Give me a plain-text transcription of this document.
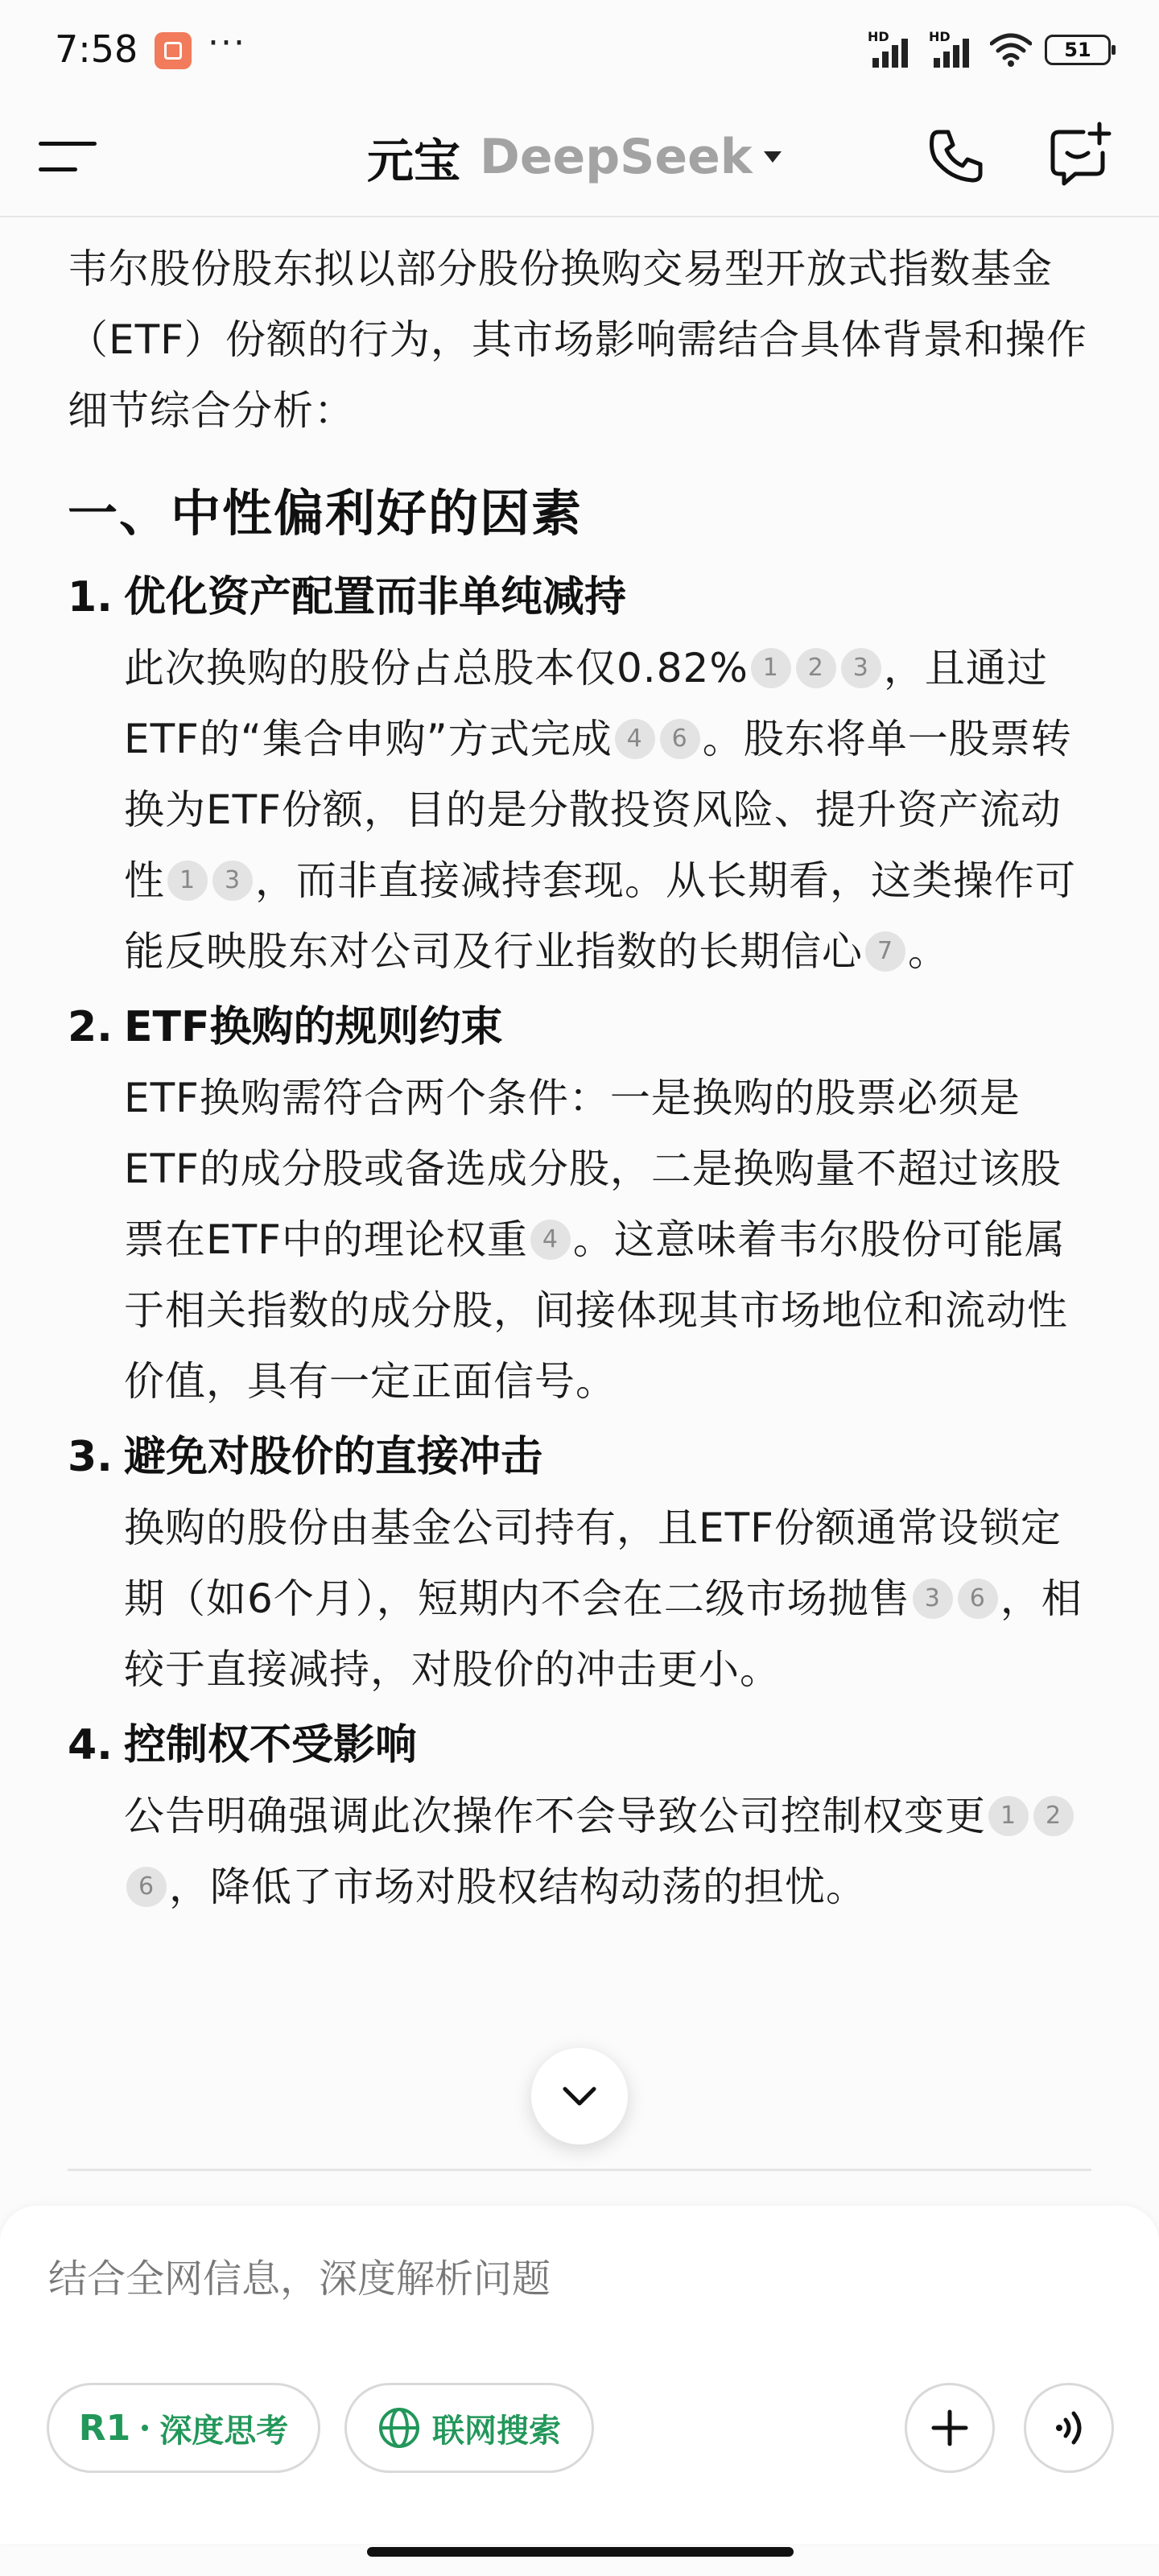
7:58 ···	HD	HD
51
元宝 DeepSeek

韦尔股份股东拟以部分股份换购交易型开放式指数基金（ETF）份额的行为，其市场影响需结合具体背景和操作细节综合分析：

一、中性偏利好的因素
1. 优化资产配置而非单纯减持
此次换购的股份占总股本仅0.82% 1 2 3 ，且通过ETF的“集合申购”方式完成 4 6 。股东将单一股票转换为ETF份额，目的是分散投资风险、提升资产流动性 1 3 ，而非直接减持套现。从长期看，这类操作可能反映股东对公司及行业指数的长期信心 7 。
2. ETF换购的规则约束
ETF换购需符合两个条件：一是换购的股票必须是ETF的成分股或备选成分股，二是换购量不超过该股票在ETF中的理论权重 4 。这意味着韦尔股份可能属于相关指数的成分股，间接体现其市场地位和流动性价值，具有一定正面信号。
3. 避免对股价的直接冲击
换购的股份由基金公司持有，且ETF份额通常设锁定期（如6个月），短期内不会在二级市场抛售 3 6 ，相较于直接减持，对股价的冲击更小。
4. 控制权不受影响
公告明确强调此次操作不会导致公司控制权变更 1 26 ，降低了市场对股权结构动荡的担忧。
结合全网信息，深度解析问题
R1 深度思考	联网搜索
